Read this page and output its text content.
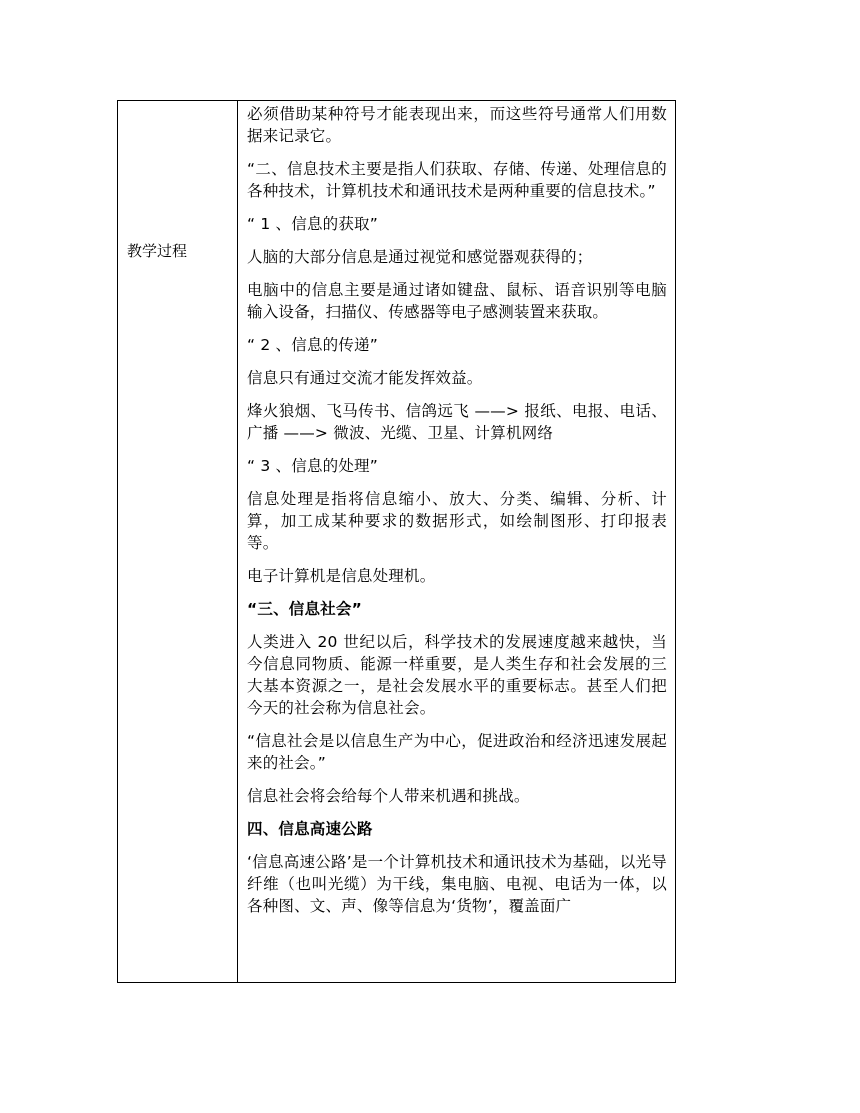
教学过程

必须借助某种符号才能表现出来，而这些符号通常人们用数据来记录它。

“二、信息技术主要是指人们获取、存储、传递、处理信息的各种技术，计算机技术和通讯技术是两种重要的信息技术。”

“ 1 、信息的获取”

人脑的大部分信息是通过视觉和感觉器观获得的；

电脑中的信息主要是通过诸如键盘、鼠标、语音识别等电脑输入设备，扫描仪、传感器等电子感测装置来获取。

“ 2 、信息的传递”

信息只有通过交流才能发挥效益。

烽火狼烟、飞马传书、信鸽远飞 ——> 报纸、电报、电话、广播 ——> 微波、光缆、卫星、计算机网络

“ 3 、信息的处理”

信息处理是指将信息缩小、放大、分类、编辑、分析、计算，加工成某种要求的数据形式，如绘制图形、打印报表等。

电子计算机是信息处理机。

“三、信息社会”

人类进入 20 世纪以后，科学技术的发展速度越来越快，当今信息同物质、能源一样重要，是人类生存和社会发展的三大基本资源之一，是社会发展水平的重要标志。甚至人们把今天的社会称为信息社会。

“信息社会是以信息生产为中心，促进政治和经济迅速发展起来的社会。”

信息社会将会给每个人带来机遇和挑战。

四、信息高速公路

‘信息高速公路’是一个计算机技术和通讯技术为基础，以光导纤维（也叫光缆）为干线，集电脑、电视、电话为一体，以各种图、文、声、像等信息为‘货物’，覆盖面广
